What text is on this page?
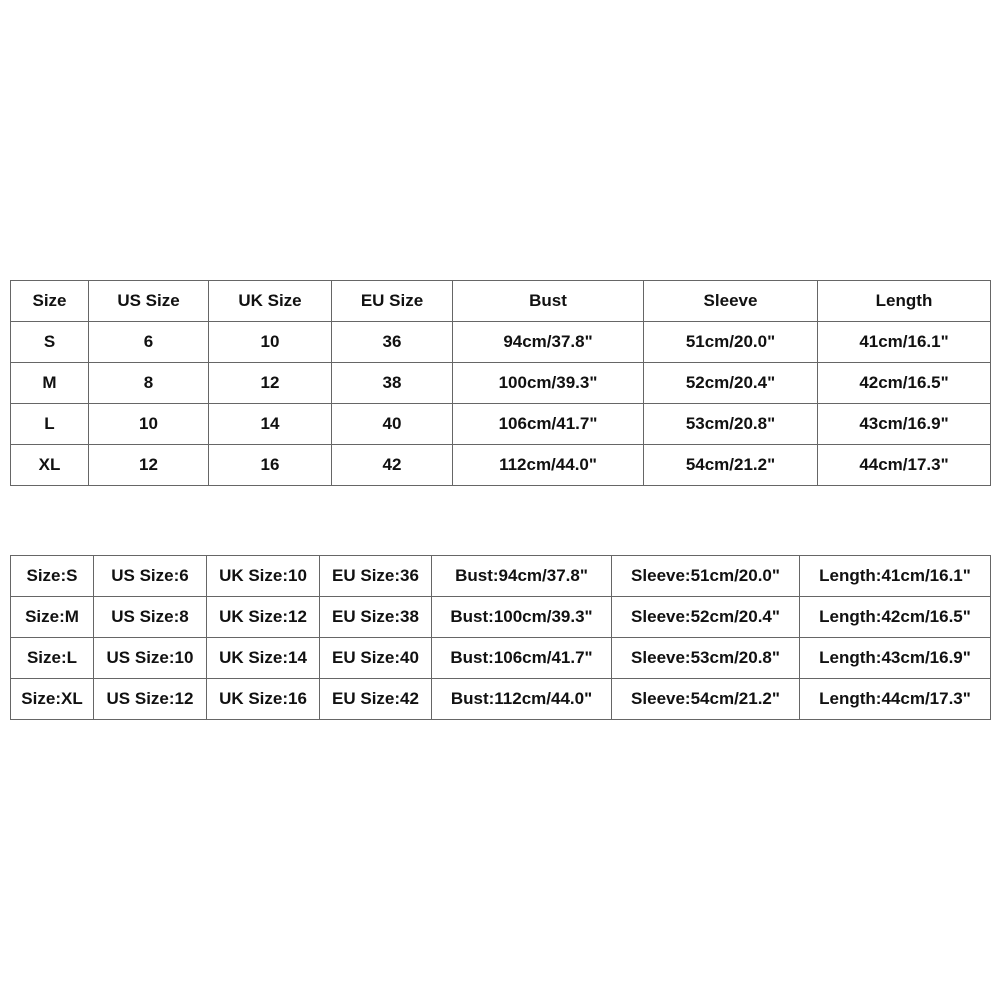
Size	US Size	UK Size	EU Size	Bust	Sleeve	Length
S	6	10	36	94cm/37.8"	51cm/20.0"	41cm/16.1"
M	8	12	38	100cm/39.3"	52cm/20.4"	42cm/16.5"
L	10	14	40	106cm/41.7"	53cm/20.8"	43cm/16.9"
XL	12	16	42	112cm/44.0"	54cm/21.2"	44cm/17.3"
Size:S	US Size:6	UK Size:10	EU Size:36	Bust:94cm/37.8"	Sleeve:51cm/20.0"	Length:41cm/16.1"
Size:M	US Size:8	UK Size:12	EU Size:38	Bust:100cm/39.3"	Sleeve:52cm/20.4"	Length:42cm/16.5"
Size:L	US Size:10	UK Size:14	EU Size:40	Bust:106cm/41.7"	Sleeve:53cm/20.8"	Length:43cm/16.9"
Size:XL	US Size:12	UK Size:16	EU Size:42	Bust:112cm/44.0"	Sleeve:54cm/21.2"	Length:44cm/17.3"
